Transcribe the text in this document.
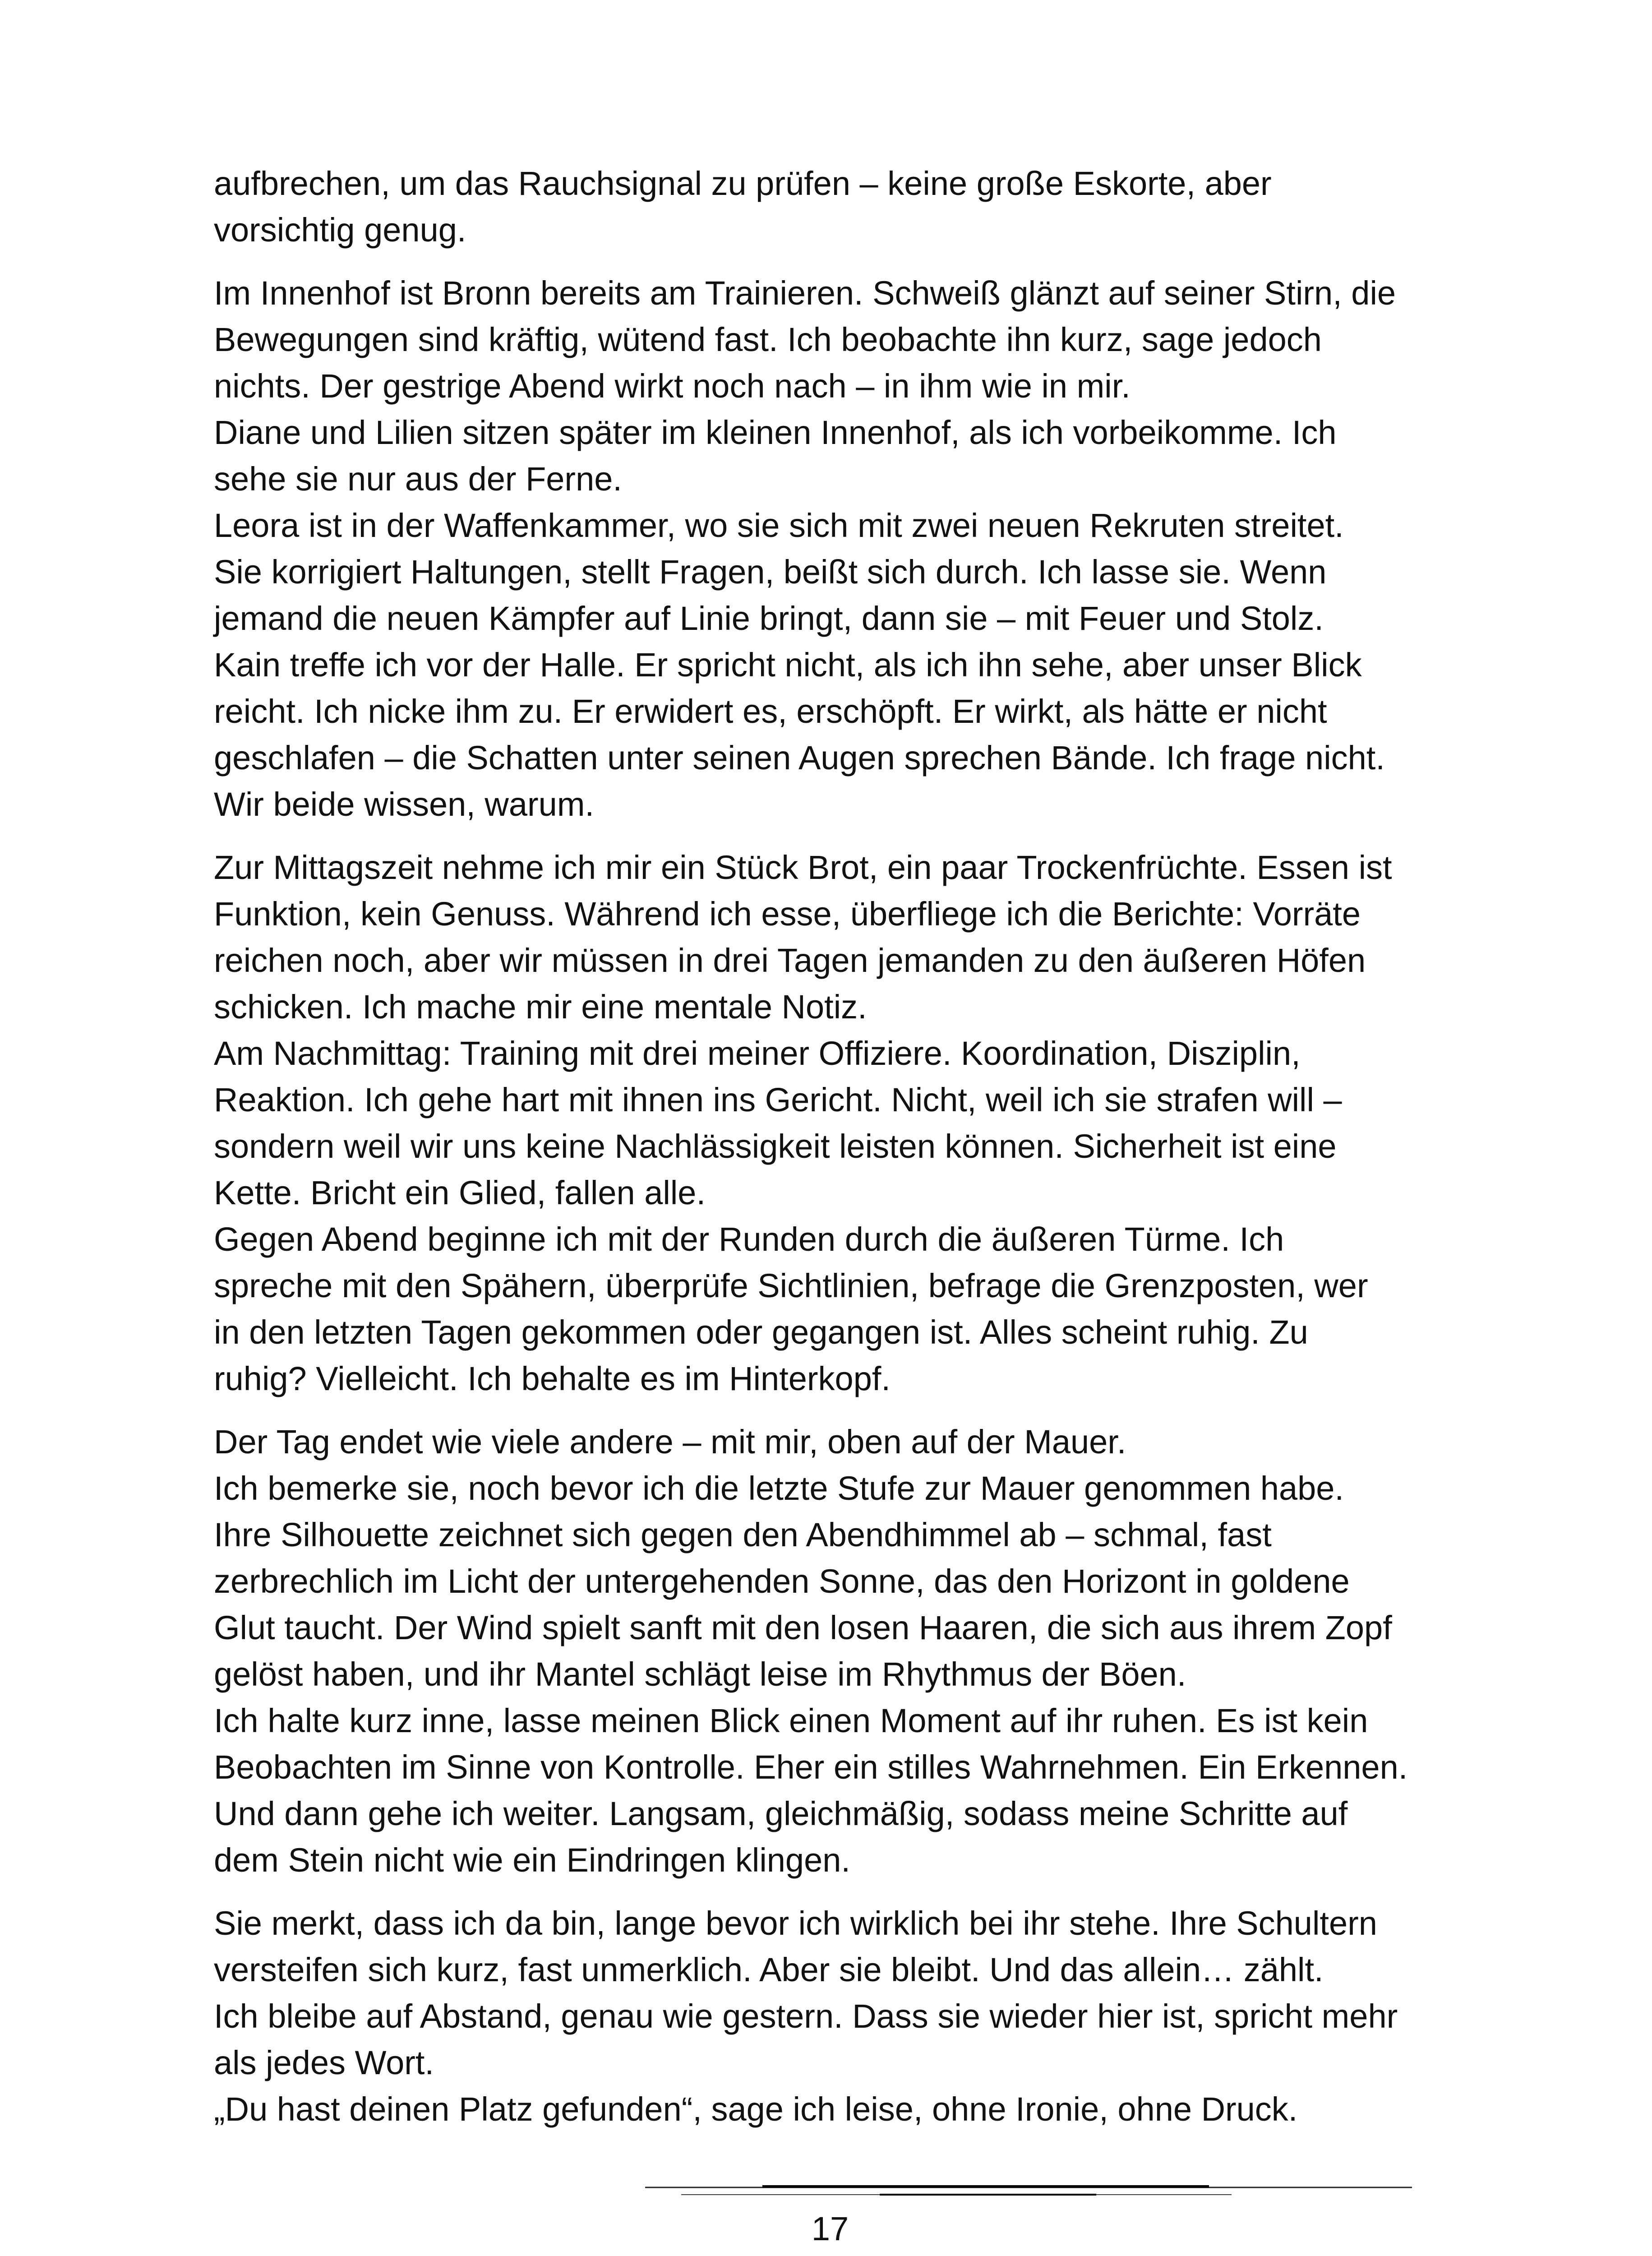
aufbrechen, um das Rauchsignal zu prüfen – keine große Eskorte, aber
vorsichtig genug.
Im Innenhof ist Bronn bereits am Trainieren. Schweiß glänzt auf seiner Stirn, die
Bewegungen sind kräftig, wütend fast. Ich beobachte ihn kurz, sage jedoch
nichts. Der gestrige Abend wirkt noch nach – in ihm wie in mir.
Diane und Lilien sitzen später im kleinen Innenhof, als ich vorbeikomme. Ich
sehe sie nur aus der Ferne.
Leora ist in der Waffenkammer, wo sie sich mit zwei neuen Rekruten streitet.
Sie korrigiert Haltungen, stellt Fragen, beißt sich durch. Ich lasse sie. Wenn
jemand die neuen Kämpfer auf Linie bringt, dann sie – mit Feuer und Stolz.
Kain treffe ich vor der Halle. Er spricht nicht, als ich ihn sehe, aber unser Blick
reicht. Ich nicke ihm zu. Er erwidert es, erschöpft. Er wirkt, als hätte er nicht
geschlafen – die Schatten unter seinen Augen sprechen Bände. Ich frage nicht.
Wir beide wissen, warum.
Zur Mittagszeit nehme ich mir ein Stück Brot, ein paar Trockenfrüchte. Essen ist
Funktion, kein Genuss. Während ich esse, überfliege ich die Berichte: Vorräte
reichen noch, aber wir müssen in drei Tagen jemanden zu den äußeren Höfen
schicken. Ich mache mir eine mentale Notiz.
Am Nachmittag: Training mit drei meiner Offiziere. Koordination, Disziplin,
Reaktion. Ich gehe hart mit ihnen ins Gericht. Nicht, weil ich sie strafen will –
sondern weil wir uns keine Nachlässigkeit leisten können. Sicherheit ist eine
Kette. Bricht ein Glied, fallen alle.
Gegen Abend beginne ich mit der Runden durch die äußeren Türme. Ich
spreche mit den Spähern, überprüfe Sichtlinien, befrage die Grenzposten, wer
in den letzten Tagen gekommen oder gegangen ist. Alles scheint ruhig. Zu
ruhig? Vielleicht. Ich behalte es im Hinterkopf.
Der Tag endet wie viele andere – mit mir, oben auf der Mauer.
Ich bemerke sie, noch bevor ich die letzte Stufe zur Mauer genommen habe.
Ihre Silhouette zeichnet sich gegen den Abendhimmel ab – schmal, fast
zerbrechlich im Licht der untergehenden Sonne, das den Horizont in goldene
Glut taucht. Der Wind spielt sanft mit den losen Haaren, die sich aus ihrem Zopf
gelöst haben, und ihr Mantel schlägt leise im Rhythmus der Böen.
Ich halte kurz inne, lasse meinen Blick einen Moment auf ihr ruhen. Es ist kein
Beobachten im Sinne von Kontrolle. Eher ein stilles Wahrnehmen. Ein Erkennen.
Und dann gehe ich weiter. Langsam, gleichmäßig, sodass meine Schritte auf
dem Stein nicht wie ein Eindringen klingen.
Sie merkt, dass ich da bin, lange bevor ich wirklich bei ihr stehe. Ihre Schultern
versteifen sich kurz, fast unmerklich. Aber sie bleibt. Und das allein… zählt.
Ich bleibe auf Abstand, genau wie gestern. Dass sie wieder hier ist, spricht mehr
als jedes Wort.
„Du hast deinen Platz gefunden“, sage ich leise, ohne Ironie, ohne Druck.
17
